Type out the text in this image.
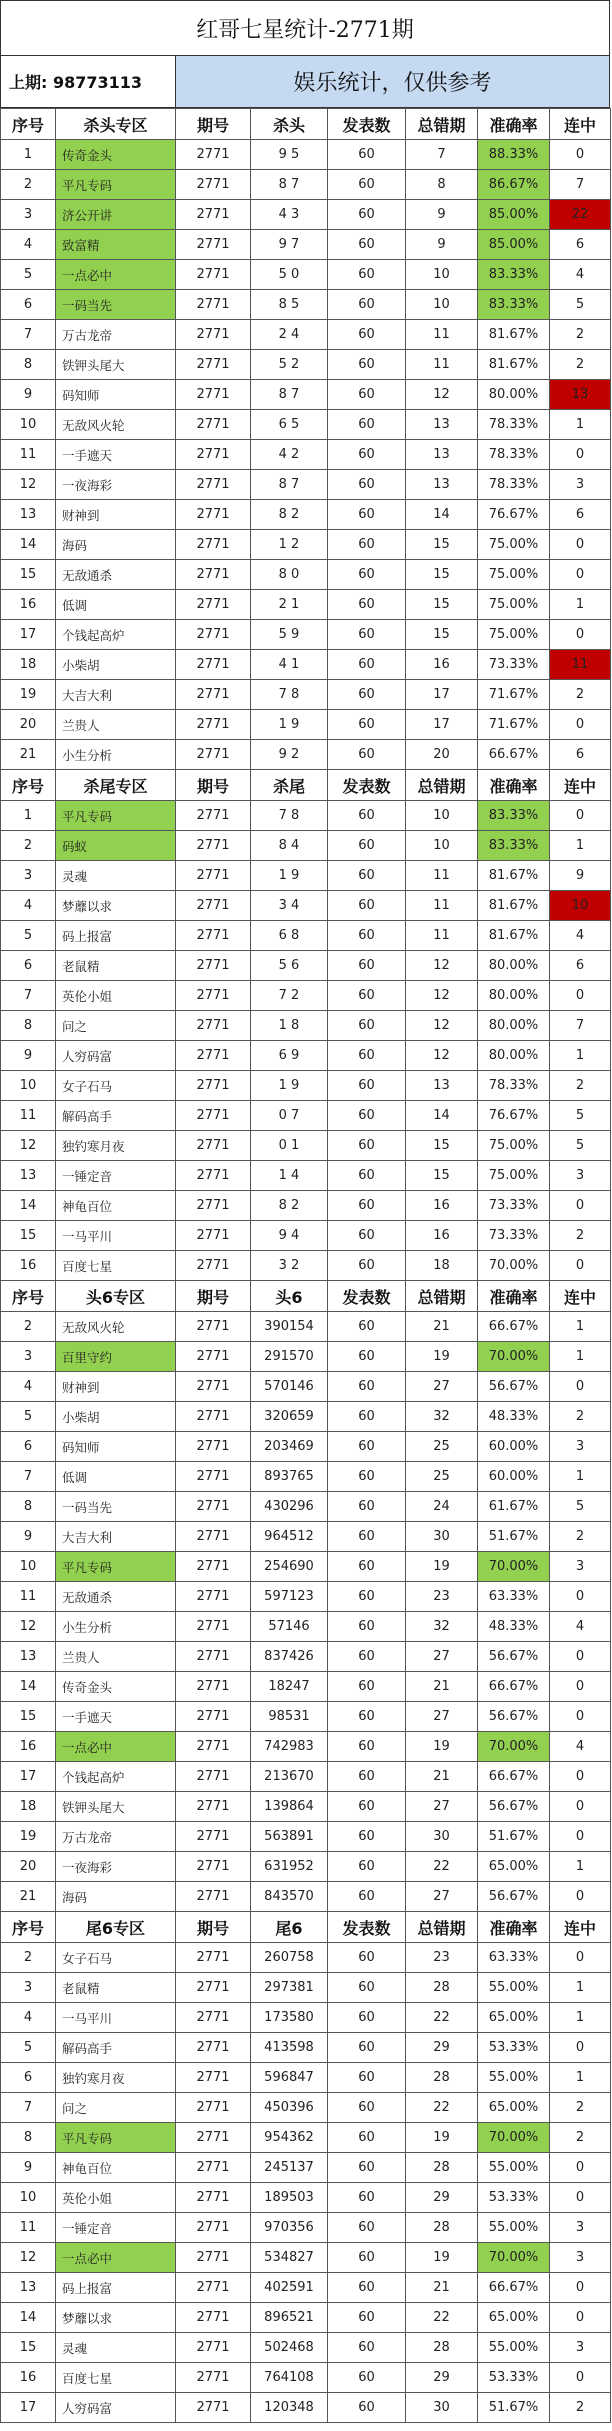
红哥七星统计-2771期
上期: 98773113	娱乐统计，仅供参考
序号	杀头专区	期号	杀头	发表数	总错期	准确率	连中
1	传奇金头	2771	9 5	60	7	88.33%	0
2	平凡专码	2771	8 7	60	8	86.67%	7
3	济公开讲	2771	4 3	60	9	85.00%	22
4	致富精	2771	9 7	60	9	85.00%	6
5	一点必中	2771	5 0	60	10	83.33%	4
6	一码当先	2771	8 5	60	10	83.33%	5
7	万古龙帝	2771	2 4	60	11	81.67%	2
8	铁钾头尾大	2771	5 2	60	11	81.67%	2
9	码知师	2771	8 7	60	12	80.00%	13
10	无敌风火轮	2771	6 5	60	13	78.33%	1
11	一手遮天	2771	4 2	60	13	78.33%	0
12	一夜海彩	2771	8 7	60	13	78.33%	3
13	财神到	2771	8 2	60	14	76.67%	6
14	海码	2771	1 2	60	15	75.00%	0
15	无敌通杀	2771	8 0	60	15	75.00%	0
16	低调	2771	2 1	60	15	75.00%	1
17	个钱起高炉	2771	5 9	60	15	75.00%	0
18	小柴胡	2771	4 1	60	16	73.33%	11
19	大吉大利	2771	7 8	60	17	71.67%	2
20	兰贵人	2771	1 9	60	17	71.67%	0
21	小生分析	2771	9 2	60	20	66.67%	6
序号	杀尾专区	期号	杀尾	发表数	总错期	准确率	连中
1	平凡专码	2771	7 8	60	10	83.33%	0
2	码蚁	2771	8 4	60	10	83.33%	1
3	灵魂	2771	1 9	60	11	81.67%	9
4	梦蘼以求	2771	3 4	60	11	81.67%	10
5	码上报富	2771	6 8	60	11	81.67%	4
6	老鼠精	2771	5 6	60	12	80.00%	6
7	英伦小姐	2771	7 2	60	12	80.00%	0
8	问之	2771	1 8	60	12	80.00%	7
9	人穷码富	2771	6 9	60	12	80.00%	1
10	女子石马	2771	1 9	60	13	78.33%	2
11	解码高手	2771	0 7	60	14	76.67%	5
12	独钓寒月夜	2771	0 1	60	15	75.00%	5
13	一锤定音	2771	1 4	60	15	75.00%	3
14	神龟百位	2771	8 2	60	16	73.33%	0
15	一马平川	2771	9 4	60	16	73.33%	2
16	百度七星	2771	3 2	60	18	70.00%	0
序号	头6专区	期号	头6	发表数	总错期	准确率	连中
2	无敌风火轮	2771	390154	60	21	66.67%	1
3	百里守约	2771	291570	60	19	70.00%	1
4	财神到	2771	570146	60	27	56.67%	0
5	小柴胡	2771	320659	60	32	48.33%	2
6	码知师	2771	203469	60	25	60.00%	3
7	低调	2771	893765	60	25	60.00%	1
8	一码当先	2771	430296	60	24	61.67%	5
9	大吉大利	2771	964512	60	30	51.67%	2
10	平凡专码	2771	254690	60	19	70.00%	3
11	无敌通杀	2771	597123	60	23	63.33%	0
12	小生分析	2771	57146	60	32	48.33%	4
13	兰贵人	2771	837426	60	27	56.67%	0
14	传奇金头	2771	18247	60	21	66.67%	0
15	一手遮天	2771	98531	60	27	56.67%	0
16	一点必中	2771	742983	60	19	70.00%	4
17	个钱起高炉	2771	213670	60	21	66.67%	0
18	铁钾头尾大	2771	139864	60	27	56.67%	0
19	万古龙帝	2771	563891	60	30	51.67%	0
20	一夜海彩	2771	631952	60	22	65.00%	1
21	海码	2771	843570	60	27	56.67%	0
序号	尾6专区	期号	尾6	发表数	总错期	准确率	连中
2	女子石马	2771	260758	60	23	63.33%	0
3	老鼠精	2771	297381	60	28	55.00%	1
4	一马平川	2771	173580	60	22	65.00%	1
5	解码高手	2771	413598	60	29	53.33%	0
6	独钓寒月夜	2771	596847	60	28	55.00%	1
7	问之	2771	450396	60	22	65.00%	2
8	平凡专码	2771	954362	60	19	70.00%	2
9	神龟百位	2771	245137	60	28	55.00%	0
10	英伦小姐	2771	189503	60	29	53.33%	0
11	一锤定音	2771	970356	60	28	55.00%	3
12	一点必中	2771	534827	60	19	70.00%	3
13	码上报富	2771	402591	60	21	66.67%	0
14	梦蘼以求	2771	896521	60	22	65.00%	0
15	灵魂	2771	502468	60	28	55.00%	3
16	百度七星	2771	764108	60	29	53.33%	0
17	人穷码富	2771	120348	60	30	51.67%	2
